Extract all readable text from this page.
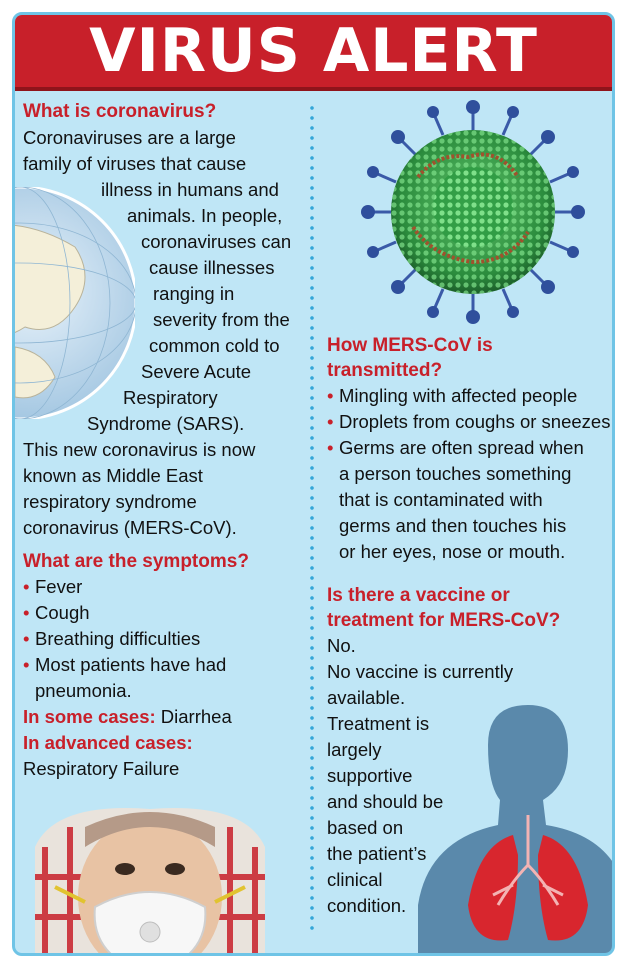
VIRUS ALERT
What is coronavirus?
Coronaviruses are a large
family of viruses that cause
illness in humans and
animals. In people,
coronaviruses can
cause illnesses
ranging in
severity from the
common cold to
Severe Acute
Respiratory
Syndrome (SARS).
This new coronavirus is now
known as Middle East
respiratory syndrome
coronavirus (MERS-CoV).
What are the symptoms?
• Fever
• Cough
• Breathing difficulties
• Most patients have had
pneumonia.
In some cases: Diarrhea
In advanced cases:
Respiratory Failure
How MERS-CoV is
transmitted?
• Mingling with affected people
• Droplets from coughs or sneezes
• Germs are often spread when
a person touches something
that is contaminated with
germs and then touches his
or her eyes, nose or mouth.
Is there a vaccine or
treatment for MERS-CoV?
No.
No vaccine is currently
available.
Treatment is
largely
supportive
and should be
based on
the patient’s
clinical
condition.
